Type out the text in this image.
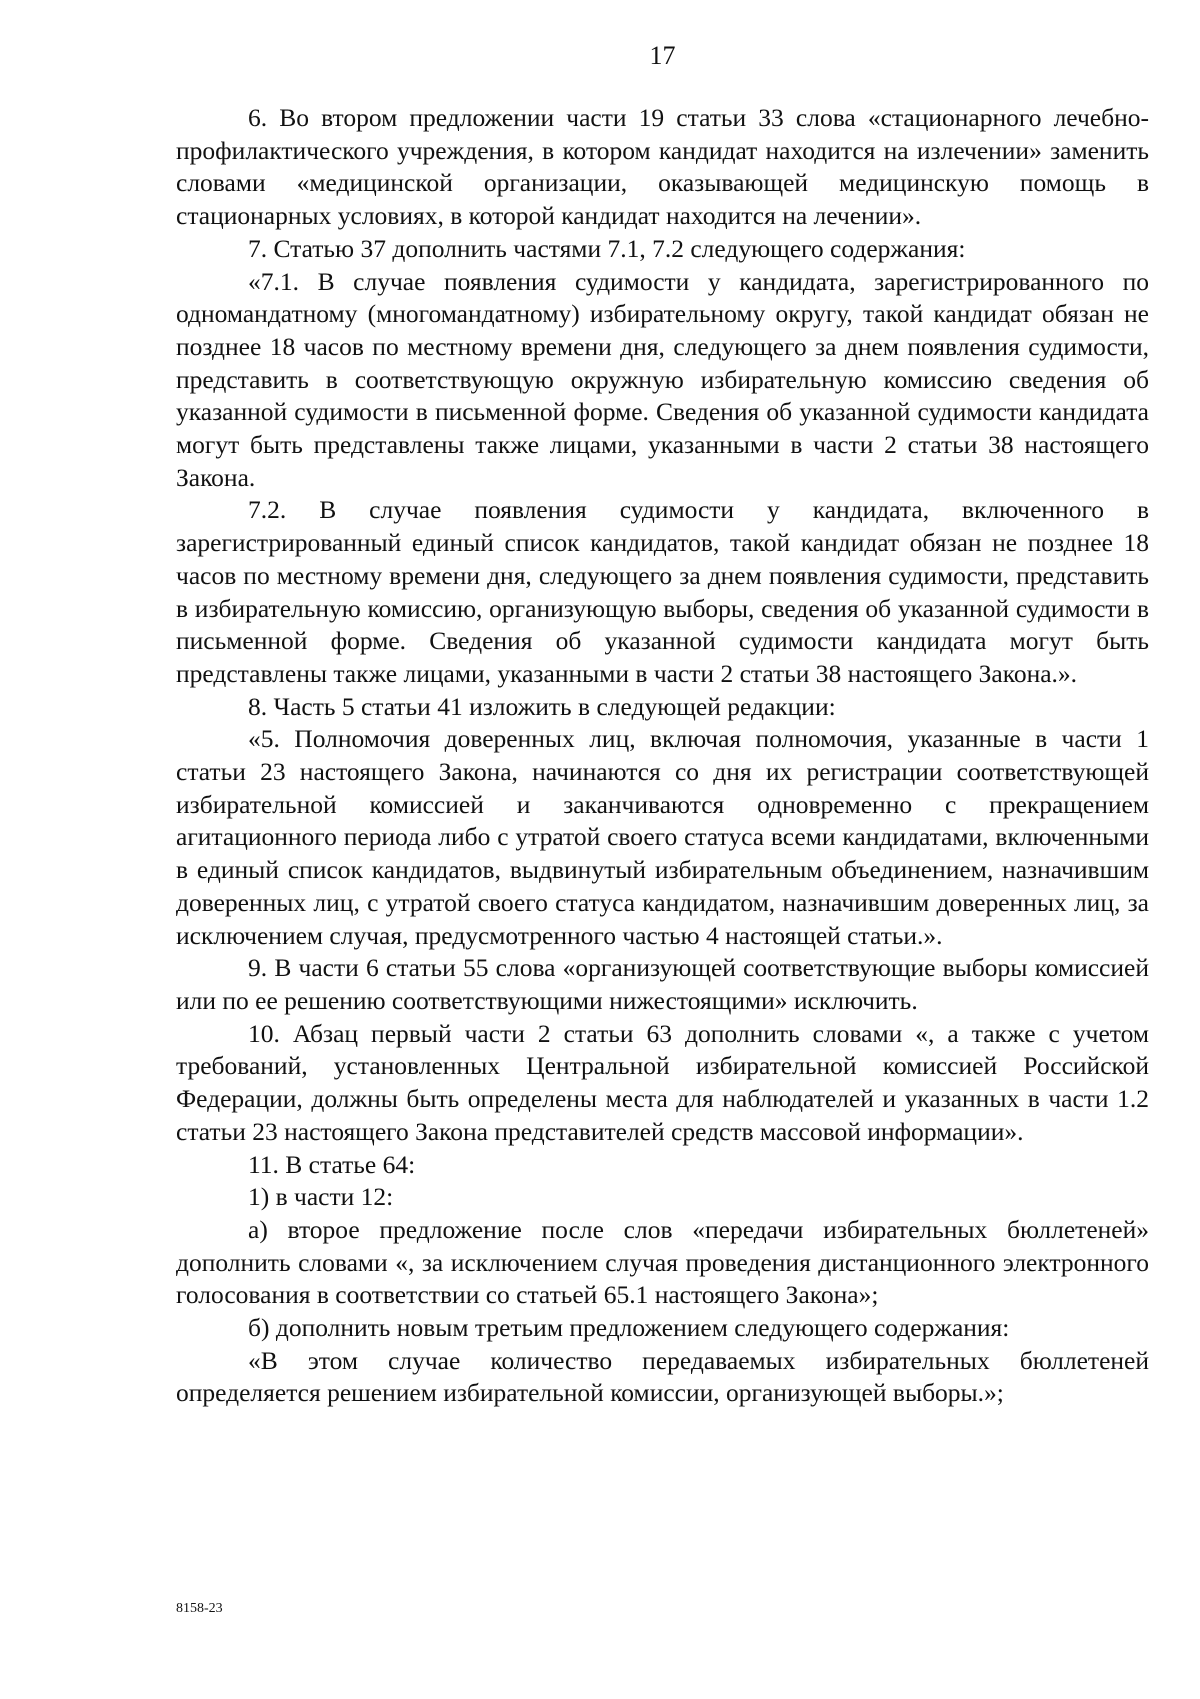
17

6. Во втором предложении части 19 статьи 33 слова «стационарного лечебно-профилактического учреждения, в котором кандидат находится на излечении» заменить словами «медицинской организации, оказывающей медицинскую помощь в стационарных условиях, в которой кандидат находится на лечении».

7. Статью 37 дополнить частями 7.1, 7.2 следующего содержания:

«7.1. В случае появления судимости у кандидата, зарегистрированного по одномандатному (многомандатному) избирательному округу, такой кандидат обязан не позднее 18 часов по местному времени дня, следующего за днем появления судимости, представить в соответствующую окружную избирательную комиссию сведения об указанной судимости в письменной форме. Сведения об указанной судимости кандидата могут быть представлены также лицами, указанными в части 2 статьи 38 настоящего Закона.

7.2. В случае появления судимости у кандидата, включенного в зарегистрированный единый список кандидатов, такой кандидат обязан не позднее 18 часов по местному времени дня, следующего за днем появления судимости, представить в избирательную комиссию, организующую выборы, сведения об указанной судимости в письменной форме. Сведения об указанной судимости кандидата могут быть представлены также лицами, указанными в части 2 статьи 38 настоящего Закона.».

8. Часть 5 статьи 41 изложить в следующей редакции:

«5. Полномочия доверенных лиц, включая полномочия, указанные в части 1 статьи 23 настоящего Закона, начинаются со дня их регистрации соответствующей избирательной комиссией и заканчиваются одновременно с прекращением агитационного периода либо с утратой своего статуса всеми кандидатами, включенными в единый список кандидатов, выдвинутый избирательным объединением, назначившим доверенных лиц, с утратой своего статуса кандидатом, назначившим доверенных лиц, за исключением случая, предусмотренного частью 4 настоящей статьи.».

9. В части 6 статьи 55 слова «организующей соответствующие выборы комиссией или по ее решению соответствующими нижестоящими» исключить.

10. Абзац первый части 2 статьи 63 дополнить словами «, а также с учетом требований, установленных Центральной избирательной комиссией Российской Федерации, должны быть определены места для наблюдателей и указанных в части 1.2 статьи 23 настоящего Закона представителей средств массовой информации».

11. В статье 64:

1) в части 12:

а) второе предложение после слов «передачи избирательных бюллетеней» дополнить словами «, за исключением случая проведения дистанционного электронного голосования в соответствии со статьей 65.1 настоящего Закона»;

б) дополнить новым третьим предложением следующего содержания:

«В этом случае количество передаваемых избирательных бюллетеней определяется решением избирательной комиссии, организующей выборы.»;

8158-23
